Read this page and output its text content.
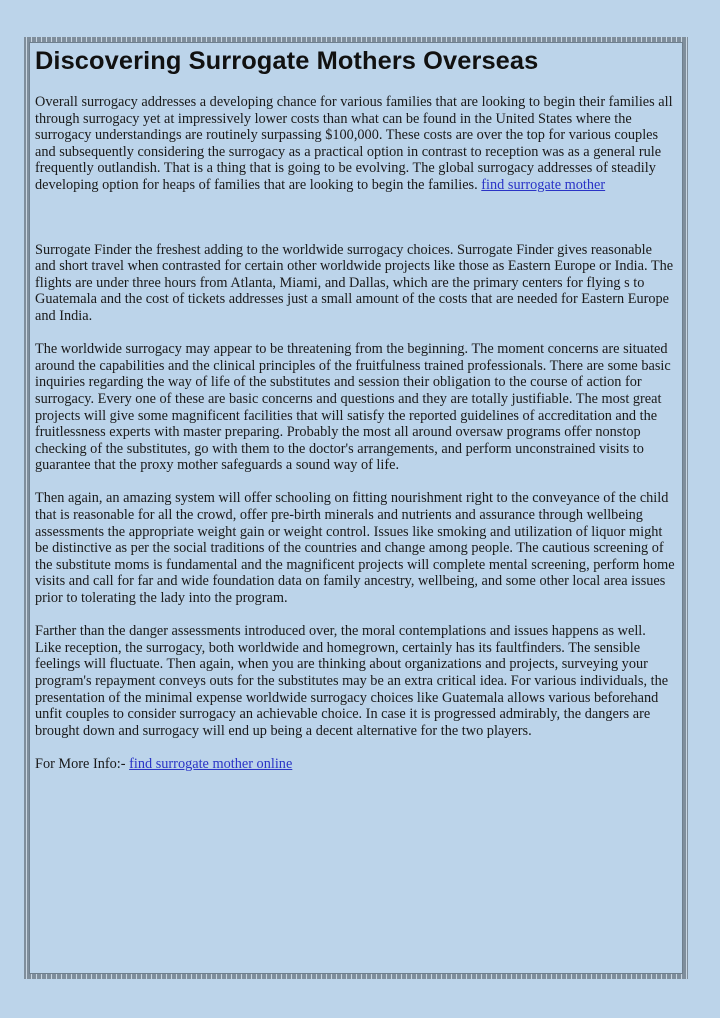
Discovering Surrogate Mothers Overseas

Overall surrogacy addresses a developing chance for various families that are looking to begin their families all through surrogacy yet at impressively lower costs than what can be found in the United States where the surrogacy understandings are routinely surpassing $100,000. These costs are over the top for various couples and subsequently considering the surrogacy as a practical option in contrast to reception was as a general rule frequently outlandish. That is a thing that is going to be evolving. The global surrogacy addresses of steadily developing option for heaps of families that are looking to begin the families. find surrogate mother

Surrogate Finder the freshest adding to the worldwide surrogacy choices. Surrogate Finder gives reasonable and short travel when contrasted for certain other worldwide projects like those as Eastern Europe or India. The flights are under three hours from Atlanta, Miami, and Dallas, which are the primary centers for flying s to Guatemala and the cost of tickets addresses just a small amount of the costs that are needed for Eastern Europe and India.

The worldwide surrogacy may appear to be threatening from the beginning. The moment concerns are situated around the capabilities and the clinical principles of the fruitfulness trained professionals. There are some basic inquiries regarding the way of life of the substitutes and session their obligation to the course of action for surrogacy. Every one of these are basic concerns and questions and they are totally justifiable. The most great projects will give some magnificent facilities that will satisfy the reported guidelines of accreditation and the fruitlessness experts with master preparing. Probably the most all around oversaw programs offer nonstop checking of the substitutes, go with them to the doctor's arrangements, and perform unconstrained visits to guarantee that the proxy mother safeguards a sound way of life.

Then again, an amazing system will offer schooling on fitting nourishment right to the conveyance of the child that is reasonable for all the crowd, offer pre-birth minerals and nutrients and assurance through wellbeing assessments the appropriate weight gain or weight control. Issues like smoking and utilization of liquor might be distinctive as per the social traditions of the countries and change among people. The cautious screening of the substitute moms is fundamental and the magnificent projects will complete mental screening, perform home visits and call for far and wide foundation data on family ancestry, wellbeing, and some other local area issues prior to tolerating the lady into the program.

Farther than the danger assessments introduced over, the moral contemplations and issues happens as well. Like reception, the surrogacy, both worldwide and homegrown, certainly has its faultfinders. The sensible feelings will fluctuate. Then again, when you are thinking about organizations and projects, surveying your program's repayment conveys outs for the substitutes may be an extra critical idea. For various individuals, the presentation of the minimal expense worldwide surrogacy choices like Guatemala allows various beforehand unfit couples to consider surrogacy an achievable choice. In case it is progressed admirably, the dangers are brought down and surrogacy will end up being a decent alternative for the two players.

For More Info:- find surrogate mother online
